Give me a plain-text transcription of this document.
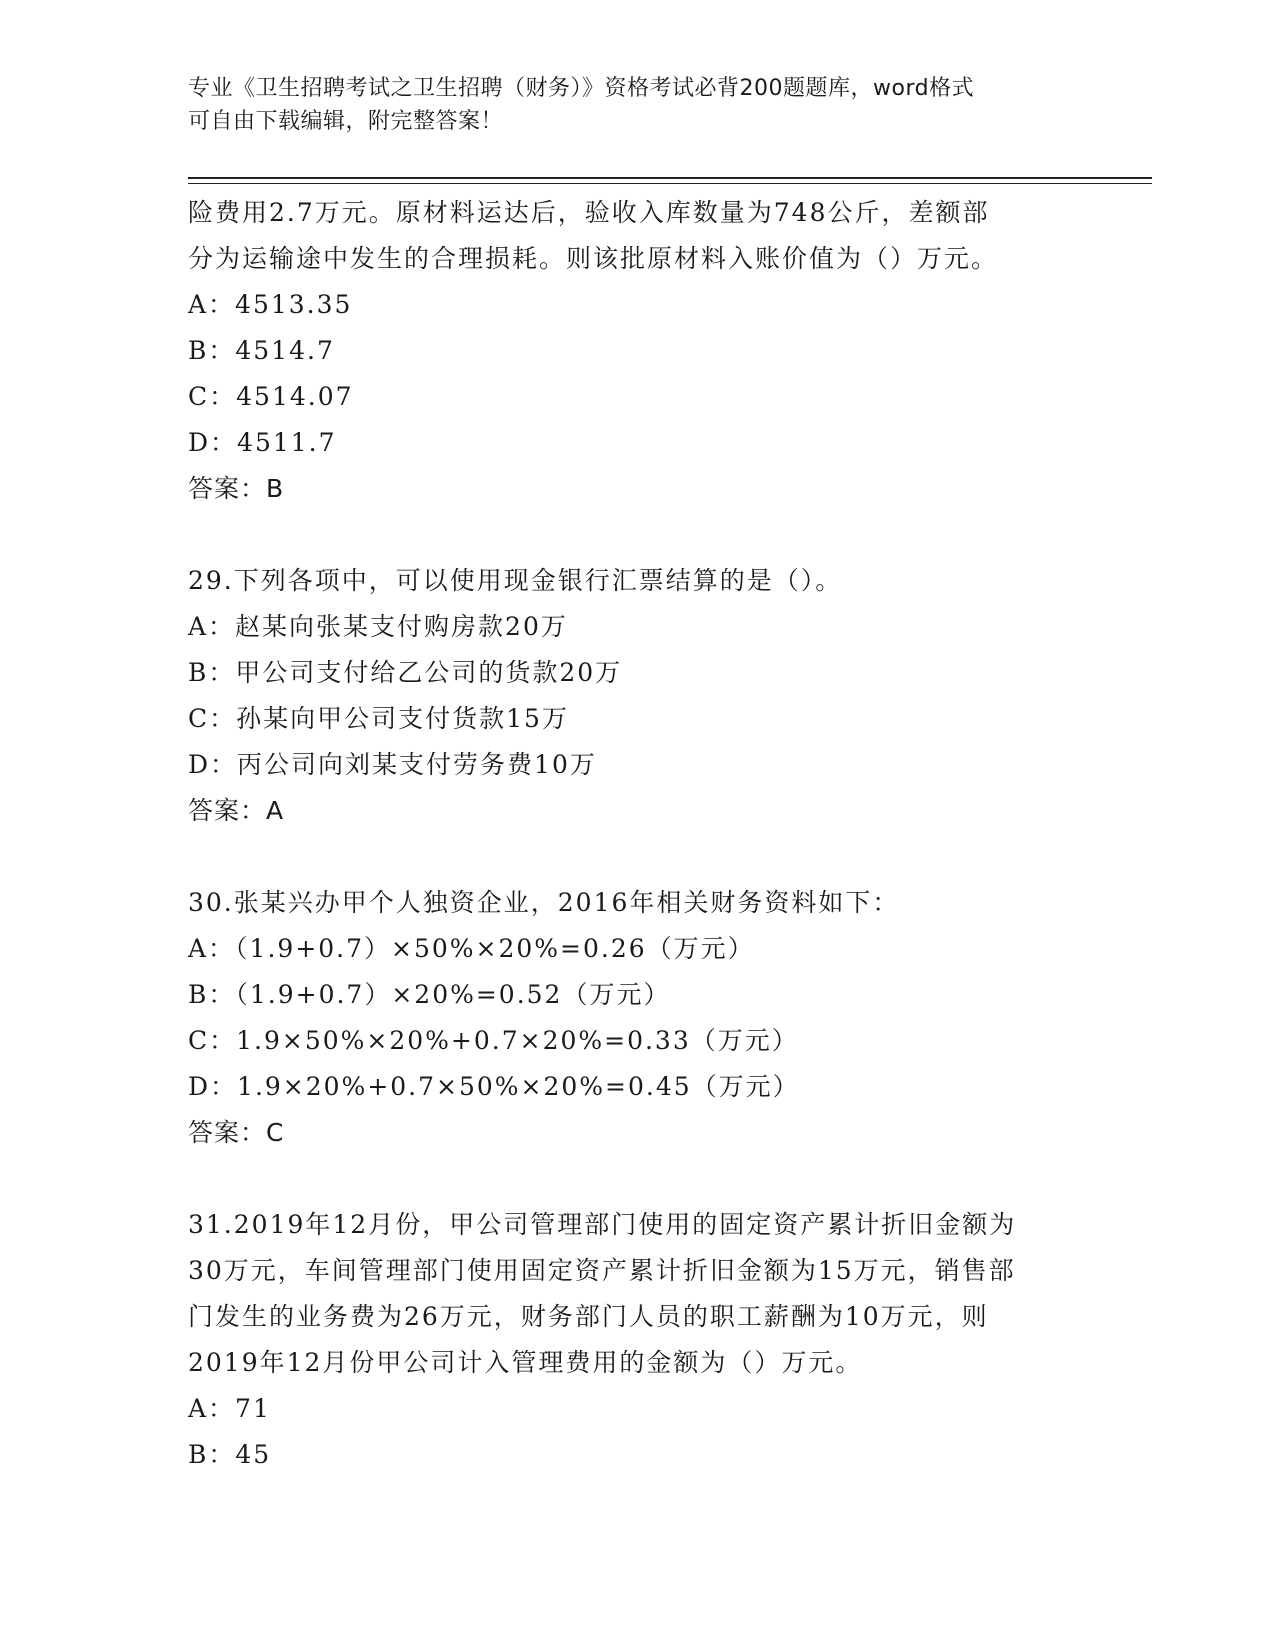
专业《卫生招聘考试之卫生招聘（财务）》资格考试必背200题题库，word格式
可自由下载编辑，附完整答案！
险费用2.7万元。原材料运达后，验收入库数量为748公斤，差额部
分为运输途中发生的合理损耗。则该批原材料入账价值为（）万元。
A：4513.35
B：4514.7
C：4514.07
D：4511.7
答案：B
29.下列各项中，可以使用现金银行汇票结算的是（）。
A：赵某向张某支付购房款20万
B：甲公司支付给乙公司的货款20万
C：孙某向甲公司支付货款15万
D：丙公司向刘某支付劳务费10万
答案：A
30.张某兴办甲个人独资企业，2016年相关财务资料如下：
A：（1.9+0.7）×50%×20%=0.26（万元）
B：（1.9+0.7）×20%=0.52（万元）
C：1.9×50%×20%+0.7×20%=0.33（万元）
D：1.9×20%+0.7×50%×20%=0.45（万元）
答案：C
31.2019年12月份，甲公司管理部门使用的固定资产累计折旧金额为
30万元，车间管理部门使用固定资产累计折旧金额为15万元，销售部
门发生的业务费为26万元，财务部门人员的职工薪酬为10万元，则
2019年12月份甲公司计入管理费用的金额为（）万元。
A：71
B：45
